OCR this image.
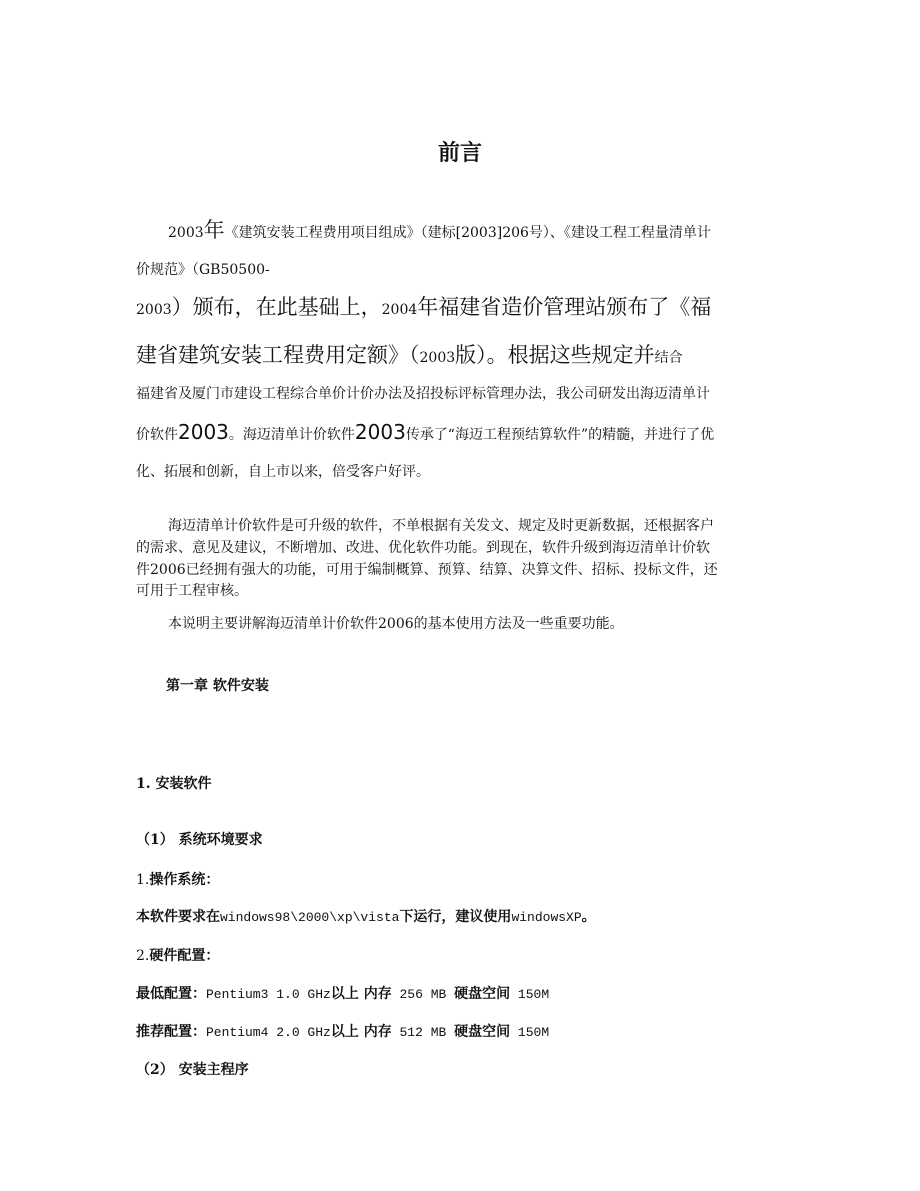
前言
2003年《建筑安装工程费用项目组成》（建标[2003]206号）、《建设工程工程量清单计
价规范》（GB50500-
2003）颁布，在此基础上，2004年福建省造价管理站颁布了《福
建省建筑安装工程费用定额》（2003版）。根据这些规定并结合
福建省及厦门市建设工程综合单价计价办法及招投标评标管理办法，我公司研发出海迈清单计
价软件2003。海迈清单计价软件2003传承了“海迈工程预结算软件”的精髓，并进行了优
化、拓展和创新，自上市以来，倍受客户好评。
海迈清单计价软件是可升级的软件，不单根据有关发文、规定及时更新数据，还根据客户
的需求、意见及建议，不断增加、改进、优化软件功能。到现在，软件升级到海迈清单计价软
件2006已经拥有强大的功能，可用于编制概算、预算、结算、决算文件、招标、投标文件，还
可用于工程审核。
本说明主要讲解海迈清单计价软件2006的基本使用方法及一些重要功能。
第一章 软件安装
1. 安装软件
（1） 系统环境要求
1.操作系统：
本软件要求在windows98\2000\xp\vista下运行，建议使用windowsXP。
2.硬件配置：
最低配置：Pentium3 1.0 GHz以上 内存 256 MB 硬盘空间 150M
推荐配置：Pentium4 2.0 GHz以上 内存 512 MB 硬盘空间 150M
（2） 安装主程序
